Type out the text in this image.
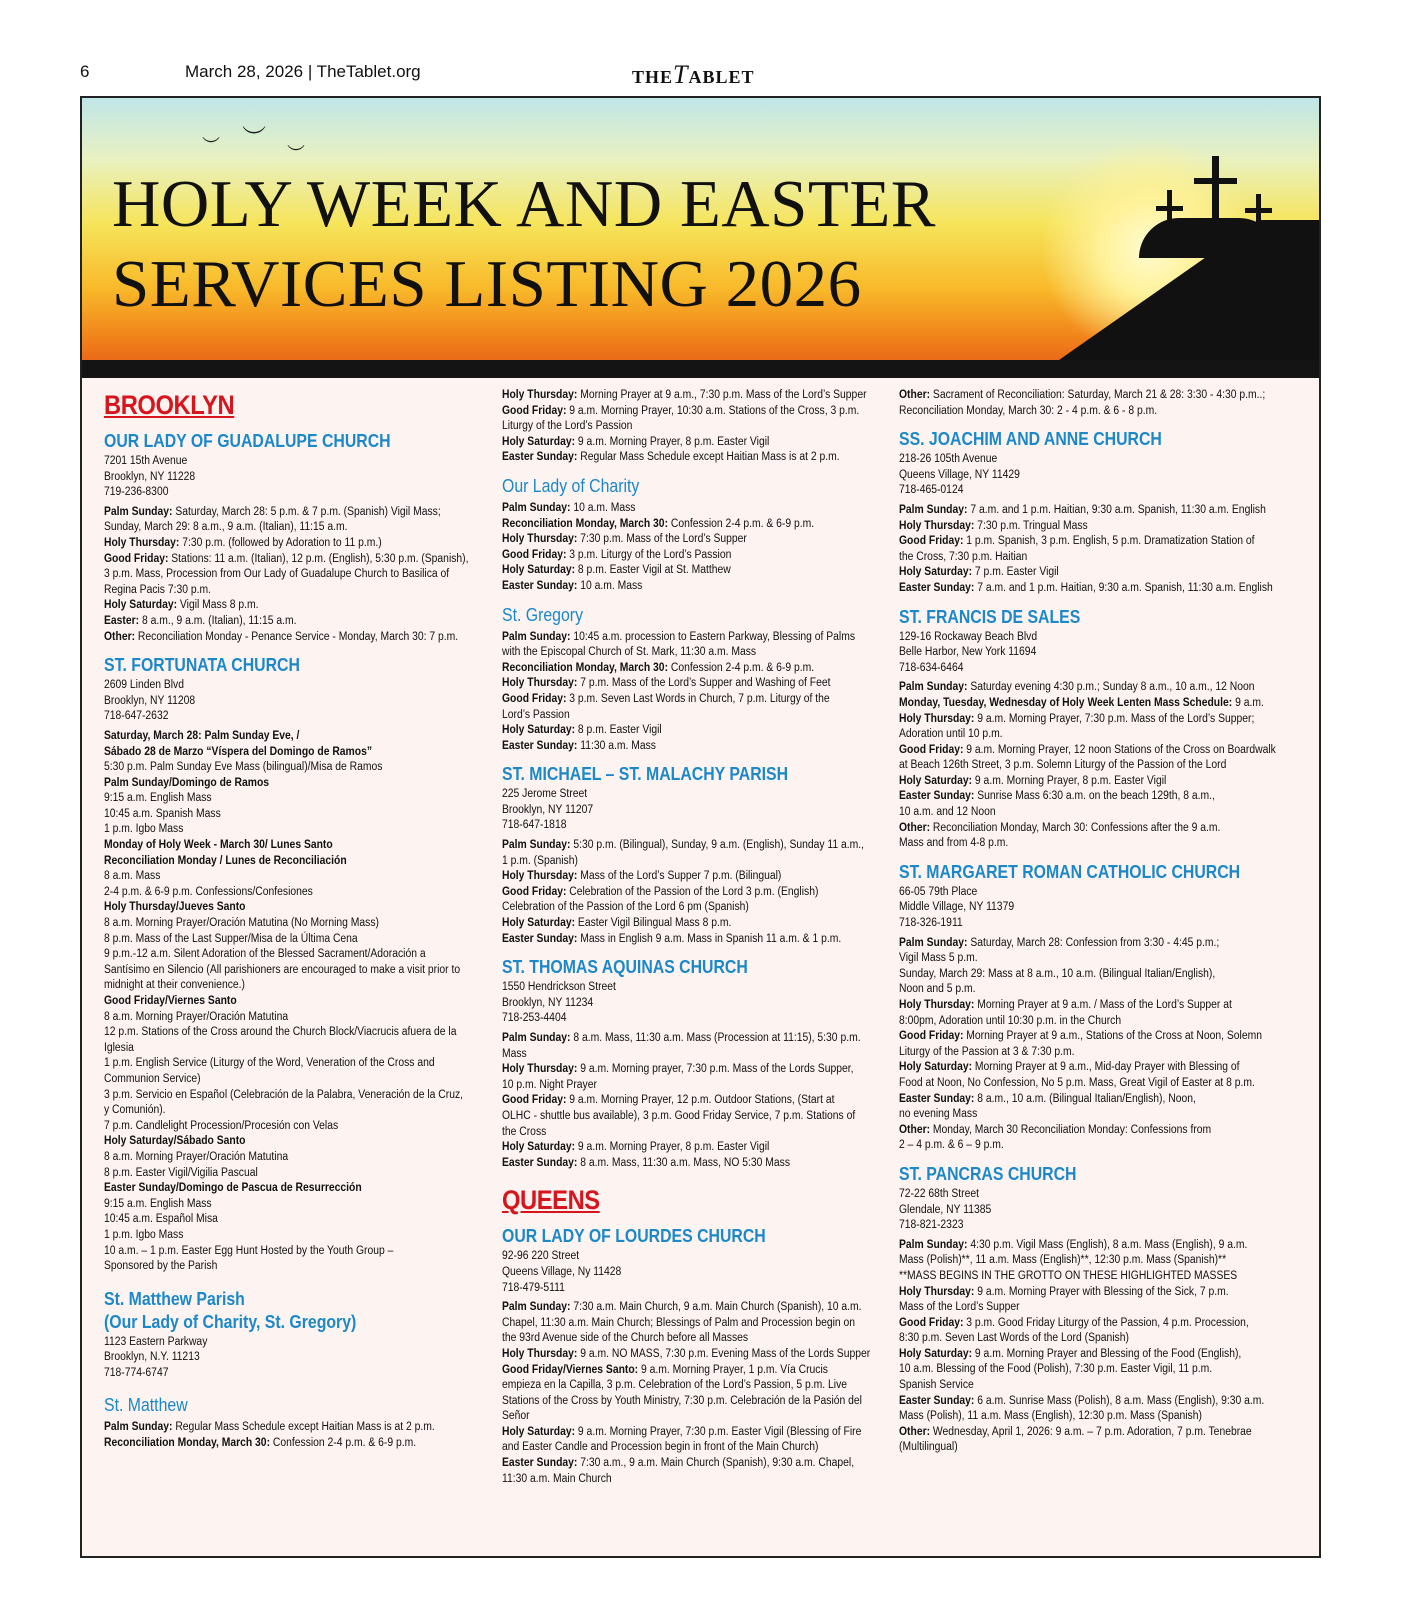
6	March 28, 2026 | TheTablet.org	THETABLET
︶ ︶
︶
HOLY WEEK AND EASTER
SERVICES LISTING 2026
BROOKLYN
OUR LADY OF GUADALUPE CHURCH
7201 15th Avenue
Brooklyn, NY 11228
719-236-8300

Palm Sunday: Saturday, March 28: 5 p.m. & 7 p.m. (Spanish) Vigil Mass;

Sunday, March 29: 8 a.m., 9 a.m. (Italian), 11:15 a.m.

Holy Thursday: 7:30 p.m. (followed by Adoration to 11 p.m.)

Good Friday: Stations: 11 a.m. (Italian), 12 p.m. (English), 5:30 p.m. (Spanish),

3 p.m. Mass, Procession from Our Lady of Guadalupe Church to Basilica of

Regina Pacis 7:30 p.m.

Holy Saturday: Vigil Mass 8 p.m.

Easter: 8 a.m., 9 a.m. (Italian), 11:15 a.m.

Other: Reconciliation Monday - Penance Service - Monday, March 30: 7 p.m.

ST. FORTUNATA CHURCH
2609 Linden Blvd
Brooklyn, NY 11208
718-647-2632

Saturday, March 28: Palm Sunday Eve, /

Sábado 28 de Marzo “Víspera del Domingo de Ramos”

5:30 p.m. Palm Sunday Eve Mass (bilingual)/Misa de Ramos

Palm Sunday/Domingo de Ramos

9:15 a.m. English Mass

10:45 a.m. Spanish Mass

1 p.m. Igbo Mass

Monday of Holy Week - March 30/ Lunes Santo

Reconciliation Monday / Lunes de Reconciliación

8 a.m. Mass

2-4 p.m. & 6-9 p.m. Confessions/Confesiones

Holy Thursday/Jueves Santo

8 a.m. Morning Prayer/Oración Matutina (No Morning Mass)

8 p.m. Mass of the Last Supper/Misa de la Última Cena

9 p.m.-12 a.m. Silent Adoration of the Blessed Sacrament/Adoración a

Santísimo en Silencio (All parishioners are encouraged to make a visit prior to

midnight at their convenience.)

Good Friday/Viernes Santo

8 a.m. Morning Prayer/Oración Matutina

12 p.m. Stations of the Cross around the Church Block/Viacrucis afuera de la Iglesia

1 p.m. English Service (Liturgy of the Word, Veneration of the Cross and

Communion Service)

3 p.m. Servicio en Español (Celebración de la Palabra, Veneración de la Cruz,

y Comunión).

7 p.m. Candlelight Procession/Procesión con Velas

Holy Saturday/Sábado Santo

8 a.m. Morning Prayer/Oración Matutina

8 p.m. Easter Vigil/Vigilia Pascual

Easter Sunday/Domingo de Pascua de Resurrección

9:15 a.m. English Mass

10:45 a.m. Español Misa

1 p.m. Igbo Mass

10 a.m. – 1 p.m. Easter Egg Hunt Hosted by the Youth Group –

Sponsored by the Parish

St. Matthew Parish
(Our Lady of Charity, St. Gregory)
1123 Eastern Parkway
Brooklyn, N.Y. 11213
718-774-6747
St. Matthew

Palm Sunday: Regular Mass Schedule except Haitian Mass is at 2 p.m.

Reconciliation Monday, March 30: Confession 2-4 p.m. & 6-9 p.m.

Holy Thursday: Morning Prayer at 9 a.m., 7:30 p.m. Mass of the Lord’s Supper

Good Friday: 9 a.m. Morning Prayer, 10:30 a.m. Stations of the Cross, 3 p.m.

Liturgy of the Lord’s Passion

Holy Saturday: 9 a.m. Morning Prayer, 8 p.m. Easter Vigil

Easter Sunday: Regular Mass Schedule except Haitian Mass is at 2 p.m.

Our Lady of Charity

Palm Sunday: 10 a.m. Mass

Reconciliation Monday, March 30: Confession 2-4 p.m. & 6-9 p.m.

Holy Thursday: 7:30 p.m. Mass of the Lord’s Supper

Good Friday: 3 p.m. Liturgy of the Lord’s Passion

Holy Saturday: 8 p.m. Easter Vigil at St. Matthew

Easter Sunday: 10 a.m. Mass

St. Gregory

Palm Sunday: 10:45 a.m. procession to Eastern Parkway, Blessing of Palms

with the Episcopal Church of St. Mark, 11:30 a.m. Mass

Reconciliation Monday, March 30: Confession 2-4 p.m. & 6-9 p.m.

Holy Thursday: 7 p.m. Mass of the Lord’s Supper and Washing of Feet

Good Friday: 3 p.m. Seven Last Words in Church, 7 p.m. Liturgy of the

Lord’s Passion

Holy Saturday: 8 p.m. Easter Vigil

Easter Sunday: 11:30 a.m. Mass

ST. MICHAEL – ST. MALACHY PARISH
225 Jerome Street
Brooklyn, NY 11207
718-647-1818

Palm Sunday: 5:30 p.m. (Bilingual), Sunday, 9 a.m. (English), Sunday 11 a.m.,

1 p.m. (Spanish)

Holy Thursday: Mass of the Lord’s Supper 7 p.m. (Bilingual)

Good Friday: Celebration of the Passion of the Lord 3 p.m. (English)

Celebration of the Passion of the Lord 6 pm (Spanish)

Holy Saturday: Easter Vigil Bilingual Mass 8 p.m.

Easter Sunday: Mass in English 9 a.m. Mass in Spanish 11 a.m. & 1 p.m.

ST. THOMAS AQUINAS CHURCH
1550 Hendrickson Street
Brooklyn, NY 11234
718-253-4404

Palm Sunday: 8 a.m. Mass, 11:30 a.m. Mass (Procession at 11:15), 5:30 p.m.

Mass

Holy Thursday: 9 a.m. Morning prayer, 7:30 p.m. Mass of the Lords Supper,

10 p.m. Night Prayer

Good Friday: 9 a.m. Morning Prayer, 12 p.m. Outdoor Stations, (Start at

OLHC - shuttle bus available), 3 p.m. Good Friday Service, 7 p.m. Stations of

the Cross

Holy Saturday: 9 a.m. Morning Prayer, 8 p.m. Easter Vigil

Easter Sunday: 8 a.m. Mass, 11:30 a.m. Mass, NO 5:30 Mass

QUEENS
OUR LADY OF LOURDES CHURCH
92-96 220 Street
Queens Village, Ny 11428
718-479-5111

Palm Sunday: 7:30 a.m. Main Church, 9 a.m. Main Church (Spanish), 10 a.m.

Chapel, 11:30 a.m. Main Church; Blessings of Palm and Procession begin on

the 93rd Avenue side of the Church before all Masses

Holy Thursday: 9 a.m. NO MASS, 7:30 p.m. Evening Mass of the Lords Supper

Good Friday/Viernes Santo: 9 a.m. Morning Prayer, 1 p.m. Vía Crucis

empieza en la Capilla, 3 p.m. Celebration of the Lord’s Passion, 5 p.m. Live

Stations of the Cross by Youth Ministry, 7:30 p.m. Celebración de la Pasión del Señor

Holy Saturday: 9 a.m. Morning Prayer, 7:30 p.m. Easter Vigil (Blessing of Fire

and Easter Candle and Procession begin in front of the Main Church)

Easter Sunday: 7:30 a.m., 9 a.m. Main Church (Spanish), 9:30 a.m. Chapel,

11:30 a.m. Main Church

Other: Sacrament of Reconciliation: Saturday, March 21 & 28: 3:30 - 4:30 p.m..;

Reconciliation Monday, March 30: 2 - 4 p.m. & 6 - 8 p.m.

SS. JOACHIM AND ANNE CHURCH
218-26 105th Avenue
Queens Village, NY 11429
718-465-0124

Palm Sunday: 7 a.m. and 1 p.m. Haitian, 9:30 a.m. Spanish, 11:30 a.m. English

Holy Thursday: 7:30 p.m. Tringual Mass

Good Friday: 1 p.m. Spanish, 3 p.m. English, 5 p.m. Dramatization Station of

the Cross, 7:30 p.m. Haitian

Holy Saturday: 7 p.m. Easter Vigil

Easter Sunday: 7 a.m. and 1 p.m. Haitian, 9:30 a.m. Spanish, 11:30 a.m. English

ST. FRANCIS DE SALES
129-16 Rockaway Beach Blvd
Belle Harbor, New York 11694
718-634-6464

Palm Sunday: Saturday evening 4:30 p.m.; Sunday 8 a.m., 10 a.m., 12 Noon

Monday, Tuesday, Wednesday of Holy Week Lenten Mass Schedule: 9 a.m.

Holy Thursday: 9 a.m. Morning Prayer, 7:30 p.m. Mass of the Lord’s Supper;

Adoration until 10 p.m.

Good Friday: 9 a.m. Morning Prayer, 12 noon Stations of the Cross on Boardwalk

at Beach 126th Street, 3 p.m. Solemn Liturgy of the Passion of the Lord

Holy Saturday: 9 a.m. Morning Prayer, 8 p.m. Easter Vigil

Easter Sunday: Sunrise Mass 6:30 a.m. on the beach 129th, 8 a.m.,

10 a.m. and 12 Noon

Other: Reconciliation Monday, March 30: Confessions after the 9 a.m.

Mass and from 4-8 p.m.

ST. MARGARET ROMAN CATHOLIC CHURCH
66-05 79th Place
Middle Village, NY 11379
718-326-1911

Palm Sunday: Saturday, March 28: Confession from 3:30 - 4:45 p.m.;

Vigil Mass 5 p.m.

Sunday, March 29: Mass at 8 a.m., 10 a.m. (Bilingual Italian/English),

Noon and 5 p.m.

Holy Thursday: Morning Prayer at 9 a.m. / Mass of the Lord’s Supper at

8:00pm, Adoration until 10:30 p.m. in the Church

Good Friday: Morning Prayer at 9 a.m., Stations of the Cross at Noon, Solemn

Liturgy of the Passion at 3 & 7:30 p.m.

Holy Saturday: Morning Prayer at 9 a.m., Mid-day Prayer with Blessing of

Food at Noon, No Confession, No 5 p.m. Mass, Great Vigil of Easter at 8 p.m.

Easter Sunday: 8 a.m., 10 a.m. (Bilingual Italian/English), Noon,

no evening Mass

Other: Monday, March 30 Reconciliation Monday: Confessions from

2 – 4 p.m. & 6 – 9 p.m.

ST. PANCRAS CHURCH
72-22 68th Street
Glendale, NY 11385
718-821-2323

Palm Sunday: 4:30 p.m. Vigil Mass (English), 8 a.m. Mass (English), 9 a.m.

Mass (Polish)**, 11 a.m. Mass (English)**, 12:30 p.m. Mass (Spanish)**

**MASS BEGINS IN THE GROTTO ON THESE HIGHLIGHTED MASSES

Holy Thursday: 9 a.m. Morning Prayer with Blessing of the Sick, 7 p.m.

Mass of the Lord’s Supper

Good Friday: 3 p.m. Good Friday Liturgy of the Passion, 4 p.m. Procession,

8:30 p.m. Seven Last Words of the Lord (Spanish)

Holy Saturday: 9 a.m. Morning Prayer and Blessing of the Food (English),

10 a.m. Blessing of the Food (Polish), 7:30 p.m. Easter Vigil, 11 p.m.

Spanish Service

Easter Sunday: 6 a.m. Sunrise Mass (Polish), 8 a.m. Mass (English), 9:30 a.m.

Mass (Polish), 11 a.m. Mass (English), 12:30 p.m. Mass (Spanish)

Other: Wednesday, April 1, 2026: 9 a.m. – 7 p.m. Adoration, 7 p.m. Tenebrae

(Multilingual)
